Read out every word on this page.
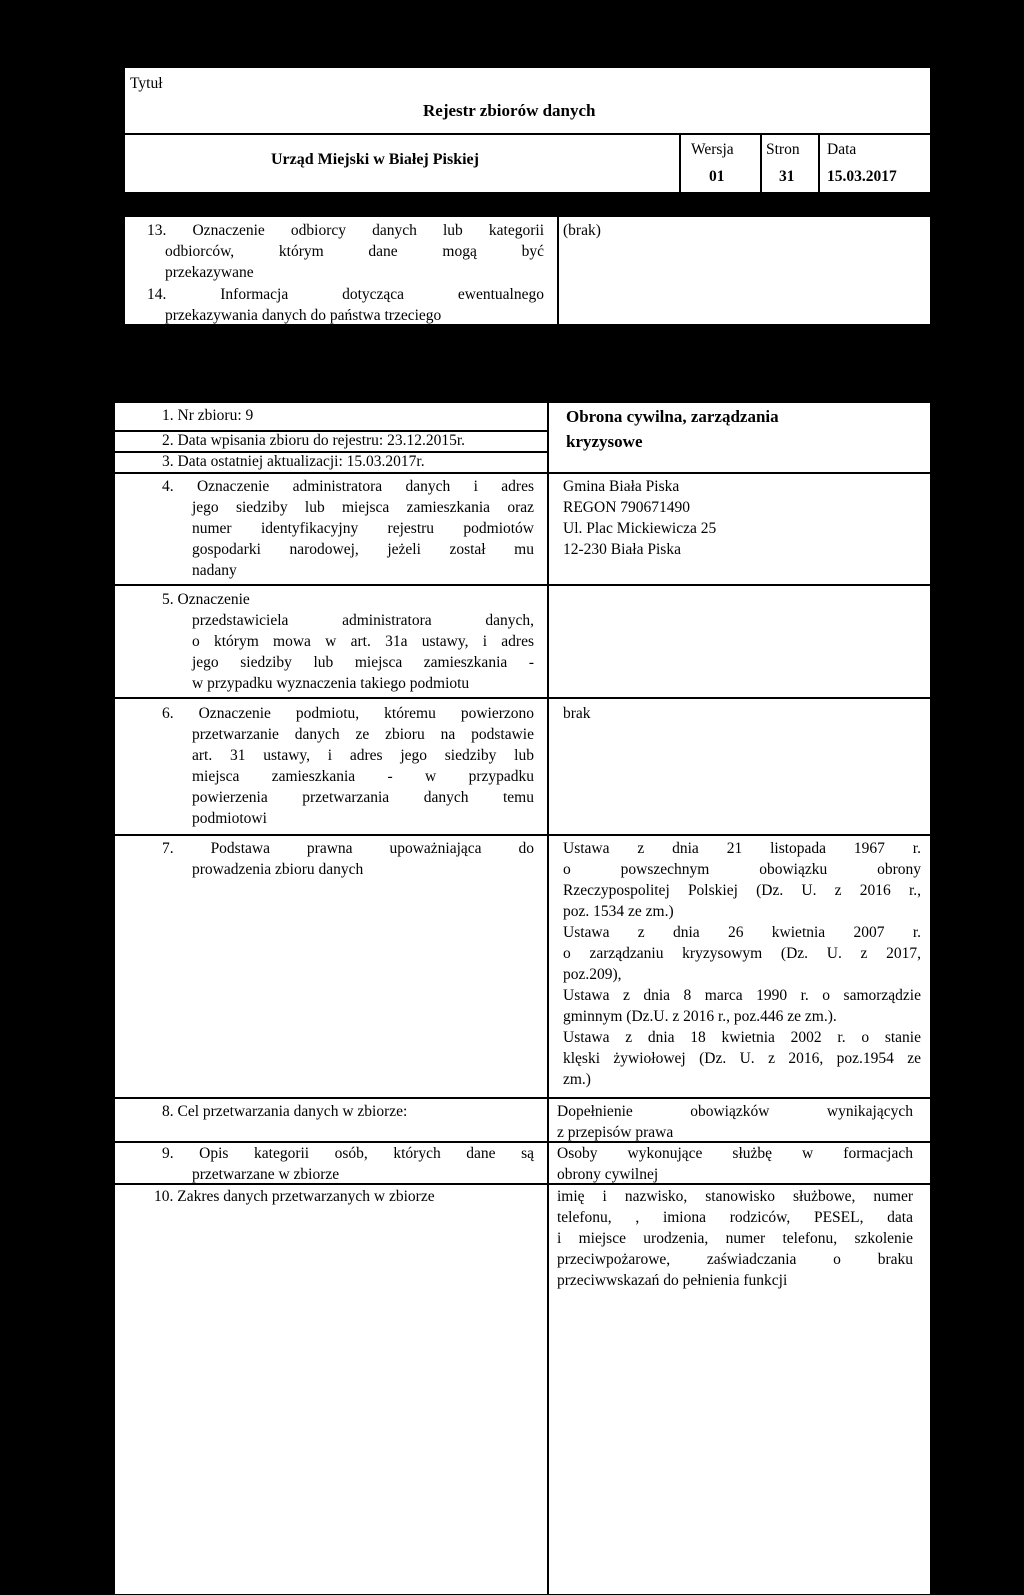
Tytuł
Rejestr zbiorów danych
Urząd Miejski w Białej Piskiej
Wersja
01
Stron
31
Data
15.03.2017
13. Oznaczenie odbiorcy danych lub kategorii
odbiorców, którym dane mogą być
przekazywane
14. Informacja dotycząca ewentualnego
przekazywania danych do państwa trzeciego
(brak)
1. Nr zbioru: 9
2. Data wpisania zbioru do rejestru: 23.12.2015r.
3. Data ostatniej aktualizacji: 15.03.2017r.
Obrona cywilna, zarządzania
kryzysowe
4. Oznaczenie administratora danych i adres
jego siedziby lub miejsca zamieszkania oraz
numer identyfikacyjny rejestru podmiotów
gospodarki narodowej, jeżeli został mu
nadany
Gmina Biała Piska
REGON 790671490
Ul. Plac Mickiewicza 25
12-230 Biała Piska
5. Oznaczenie
przedstawiciela administratora danych,
o którym mowa w art. 31a ustawy, i adres
jego siedziby lub miejsca zamieszkania -
w przypadku wyznaczenia takiego podmiotu
6. Oznaczenie podmiotu, któremu powierzono
przetwarzanie danych ze zbioru na podstawie
art. 31 ustawy, i adres jego siedziby lub
miejsca zamieszkania - w przypadku
powierzenia przetwarzania danych temu
podmiotowi
brak
7. Podstawa prawna upoważniająca do
prowadzenia zbioru danych
Ustawa z dnia 21 listopada 1967 r.
o powszechnym obowiązku obrony
Rzeczypospolitej Polskiej (Dz. U. z 2016 r.,
poz. 1534 ze zm.)
Ustawa z dnia 26 kwietnia 2007 r.
o zarządzaniu kryzysowym (Dz. U. z 2017,
poz.209),
Ustawa z dnia 8 marca 1990 r. o samorządzie
gminnym (Dz.U. z 2016 r., poz.446 ze zm.).
Ustawa z dnia 18 kwietnia 2002 r. o stanie
klęski żywiołowej (Dz. U. z 2016, poz.1954 ze
zm.)
8. Cel przetwarzania danych w zbiorze:	Dopełnienie obowiązków wynikających
z przepisów prawa
9. Opis kategorii osób, których dane są
przetwarzane w zbiorze
Osoby wykonujące służbę w formacjach
obrony cywilnej
10. Zakres danych przetwarzanych w zbiorze	imię i nazwisko, stanowisko służbowe, numer
telefonu, , imiona rodziców, PESEL, data
i miejsce urodzenia, numer telefonu, szkolenie
przeciwpożarowe, zaświadczania o braku
przeciwwskazań do pełnienia funkcji
